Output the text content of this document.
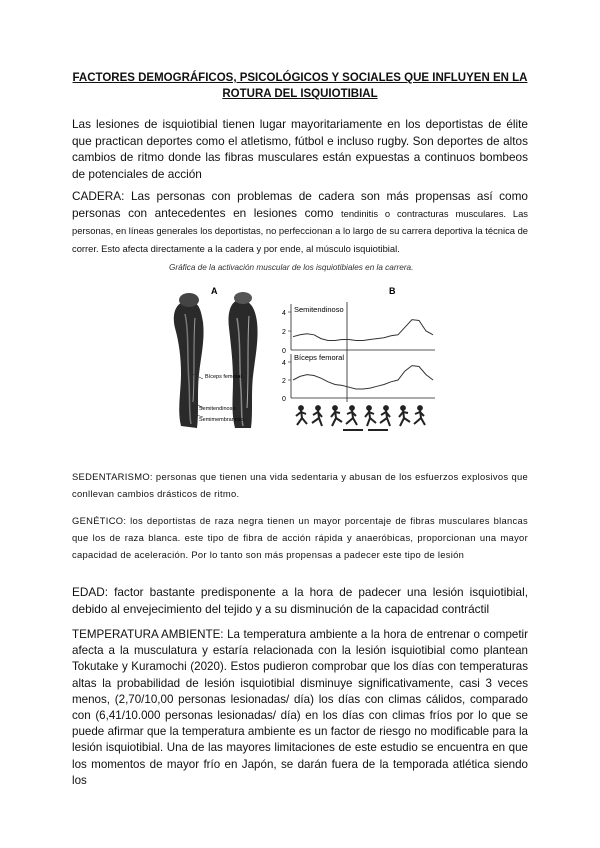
FACTORES DEMOGRÁFICOS, PSICOLÓGICOS Y SOCIALES QUE INFLUYEN EN LA ROTURA DEL ISQUIOTIBIAL
Las lesiones de isquiotibial tienen lugar mayoritariamente en los deportistas de élite que practican deportes como el atletismo, fútbol e incluso rugby. Son deportes de altos cambios de ritmo donde las fibras musculares están expuestas a continuos bombeos de potenciales de acción
CADERA: Las personas con problemas de cadera son más propensas así como personas con antecedentes en lesiones como tendinitis o contracturas musculares. Las personas, en líneas generales los deportistas, no perfeccionan a lo largo de su carrera deportiva la técnica de correr. Esto afecta directamente a la cadera y por ende, al músculo isquiotibial.
A
Bíceps femoral
Semitendinoso
Semimembranoso
B
4
2
0
Semitendinoso
4
2
0
Bíceps femoral
Gráfica de la activación muscular de los isquiotibiales en la carrera.
SEDENTARISMO: personas que tienen una vida sedentaria y abusan de los esfuerzos explosivos que conllevan cambios drásticos de ritmo.
GENÉTICO: los deportistas de raza negra tienen un mayor porcentaje de fibras musculares blancas que los de raza blanca. este tipo de fibra de acción rápida y anaeróbicas, proporcionan una mayor capacidad de aceleración. Por lo tanto son más propensas a padecer este tipo de lesión
EDAD: factor bastante predisponente a la hora de padecer una lesión isquiotibial, debido al envejecimiento del tejido y a su disminución de la capacidad contráctil
TEMPERATURA AMBIENTE: La temperatura ambiente a la hora de entrenar o competir afecta a la musculatura y estaría relacionada con la lesión isquiotibial como plantean Tokutake y Kuramochi (2020). Estos pudieron comprobar que los días con temperaturas altas la probabilidad de lesión isquiotibial disminuye significativamente, casi 3 veces menos, (2,70/10,00 personas lesionadas/ día) los días con climas cálidos, comparado con (6,41/10.000 personas lesionadas/ día) en los días con climas fríos por lo que se puede afirmar que la temperatura ambiente es un factor de riesgo no modificable para la lesión isquiotibial. Una de las mayores limitaciones de este estudio se encuentra en que los momentos de mayor frío en Japón, se darán fuera de la temporada atlética siendo los
